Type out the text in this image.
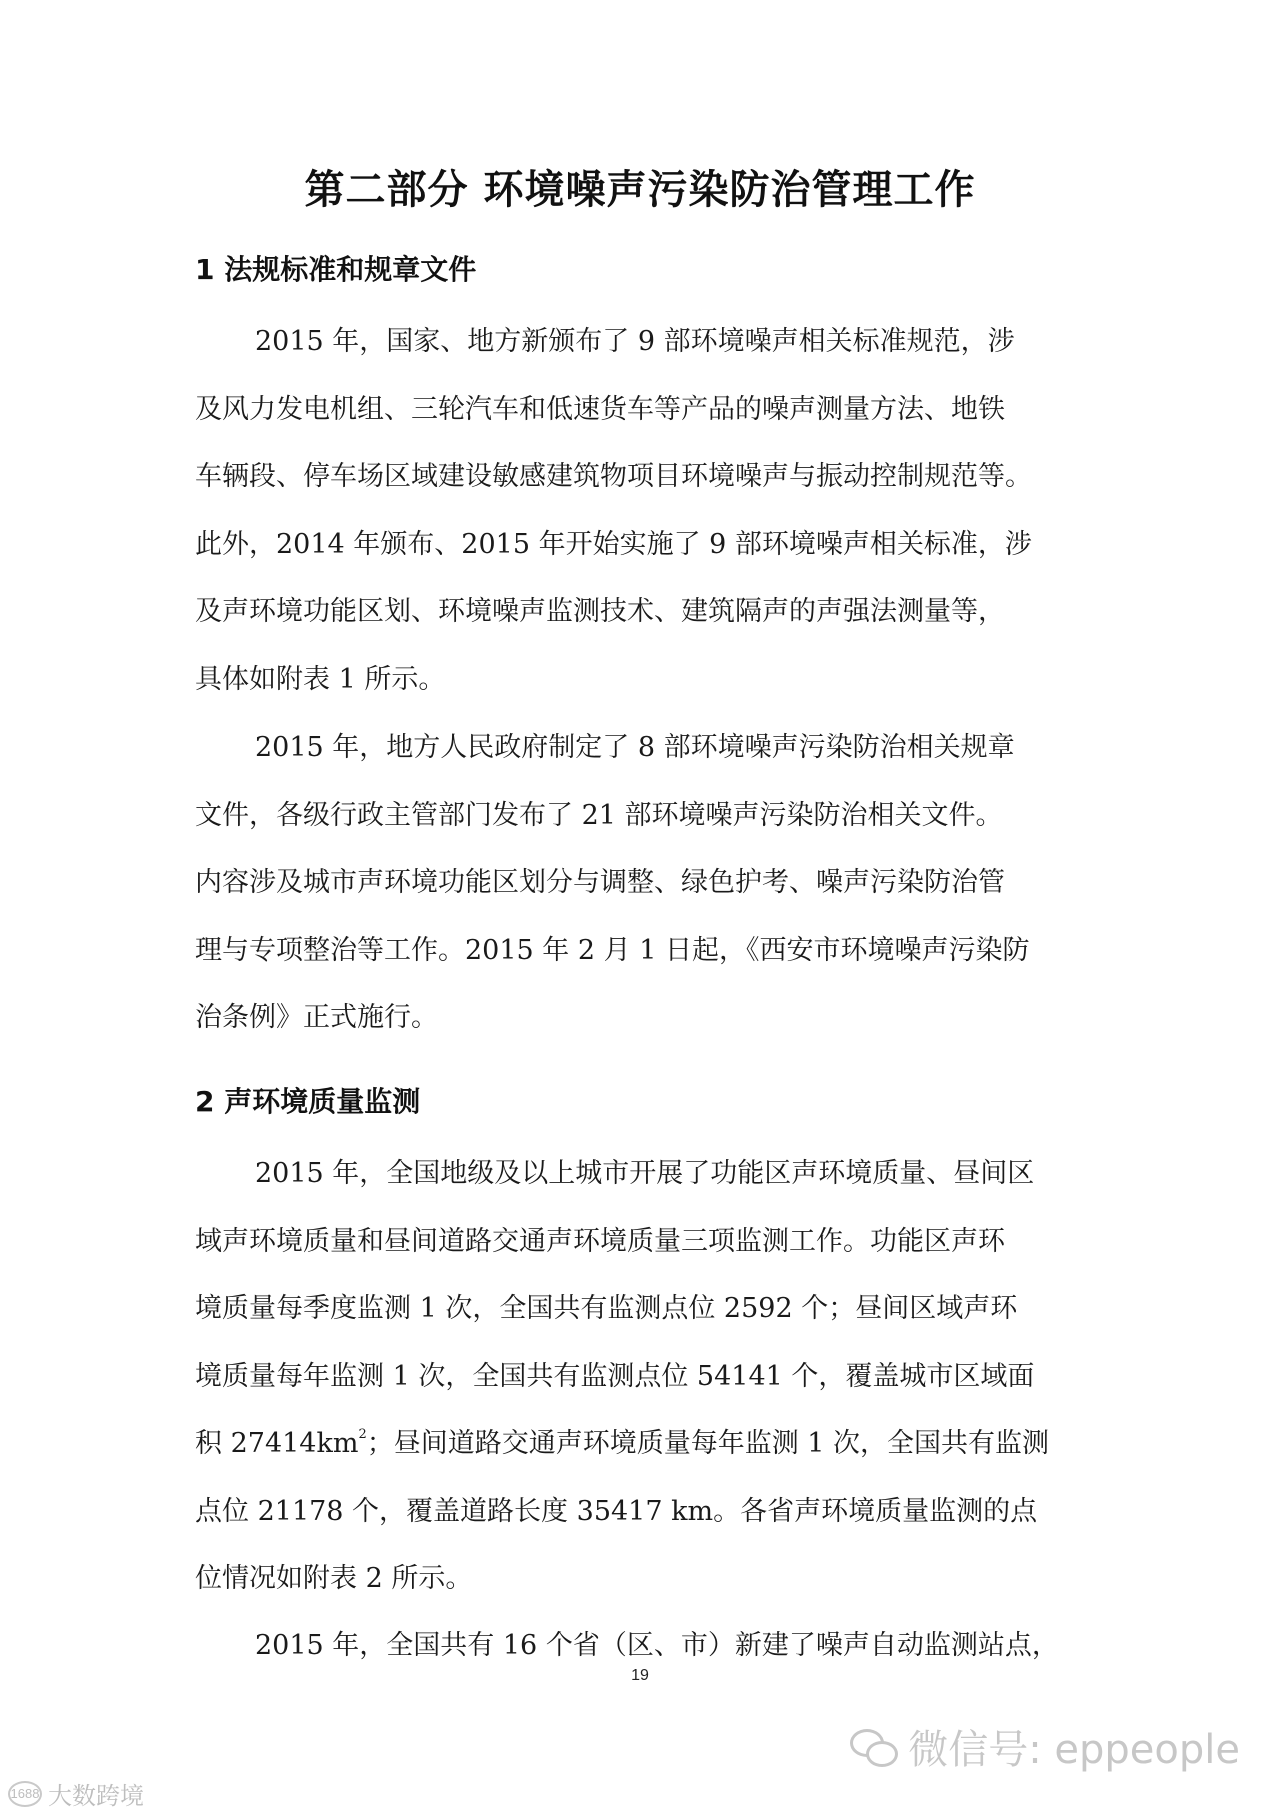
第二部分 环境噪声污染防治管理工作
1 法规标准和规章文件

2015 年，国家、地方新颁布了 9 部环境噪声相关标准规范，涉
及风力发电机组、三轮汽车和低速货车等产品的噪声测量方法、地铁
车辆段、停车场区域建设敏感建筑物项目环境噪声与振动控制规范等。
此外，2014 年颁布、2015 年开始实施了 9 部环境噪声相关标准，涉
及声环境功能区划、环境噪声监测技术、建筑隔声的声强法测量等，
具体如附表 1 所示。

2015 年，地方人民政府制定了 8 部环境噪声污染防治相关规章
文件，各级行政主管部门发布了 21 部环境噪声污染防治相关文件。
内容涉及城市声环境功能区划分与调整、绿色护考、噪声污染防治管
理与专项整治等工作。2015 年 2 月 1 日起，《西安市环境噪声污染防
治条例》正式施行。

2 声环境质量监测

2015 年，全国地级及以上城市开展了功能区声环境质量、昼间区
域声环境质量和昼间道路交通声环境质量三项监测工作。功能区声环
境质量每季度监测 1 次，全国共有监测点位 2592 个；昼间区域声环
境质量每年监测 1 次，全国共有监测点位 54141 个，覆盖城市区域面
积 $27414km^2$；昼间道路交通声环境质量每年监测 1 次，全国共有监测
点位 21178 个，覆盖道路长度 35417 km。各省声环境质量监测的点
位情况如附表 2 所示。

2015 年，全国共有 16 个省（区、市）新建了噪声自动监测站点，

19
微信号: eppeople
1688 大数跨境
